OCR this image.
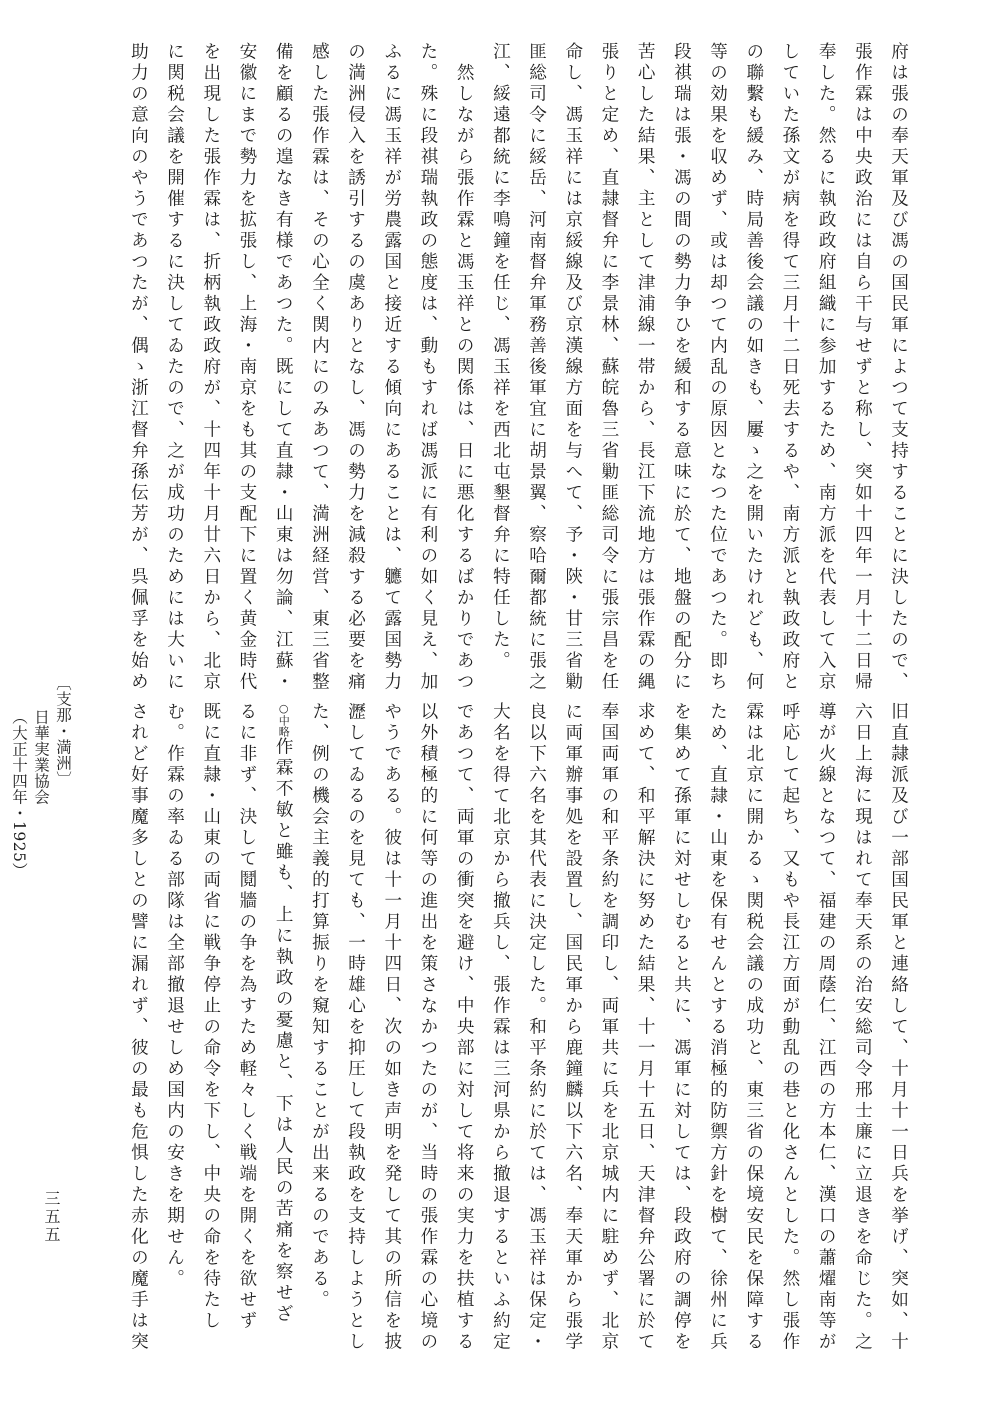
府は張の奉天軍及び馮の国民軍によつて支持することに決したので、
張作霖は中央政治には自ら干与せずと称し、突如十四年一月十二日帰
奉した。然るに執政政府組織に参加するため、南方派を代表して入京
していた孫文が病を得て三月十二日死去するや、南方派と執政政府と
の聯繫も緩み、時局善後会議の如きも、屢ゝ之を開いたけれども、何
等の効果を収めず、或は却つて内乱の原因となつた位であつた。即ち
段祺瑞は張・馮の間の勢力争ひを緩和する意味に於て、地盤の配分に
苦心した結果、主として津浦線一帯から、長江下流地方は張作霖の縄
張りと定め、直隷督弁に李景林、蘇皖魯三省勦匪総司令に張宗昌を任
命し、馮玉祥には京綏線及び京漢線方面を与へて、予・陝・甘三省勦
匪総司令に綏岳、河南督弁軍務善後軍宜に胡景翼、察哈爾都統に張之
江、綏遠都統に李鳴鐘を任じ、馮玉祥を西北屯墾督弁に特任した。
　然しながら張作霖と馮玉祥との関係は、日に悪化するばかりであつ
た。殊に段祺瑞執政の態度は、動もすれば馮派に有利の如く見え、加
ふるに馮玉祥が労農露国と接近する傾向にあることは、軈て露国勢力
の満洲侵入を誘引するの虞ありとなし、馮の勢力を減殺する必要を痛
感した張作霖は、その心全く関内にのみあつて、満洲経営、東三省整
備を顧るの遑なき有様であつた。既にして直隷・山東は勿論、江蘇・
安徽にまで勢力を拡張し、上海・南京をも其の支配下に置く黄金時代
を出現した張作霖は、折柄執政政府が、十四年十月廿六日から、北京
に関税会議を開催するに決してゐたので、之が成功のためには大いに
助力の意向のやうであつたが、偶ゝ浙江督弁孫伝芳が、呉佩孚を始め
旧直隷派及び一部国民軍と連絡して、十月十一日兵を挙げ、突如、十
六日上海に現はれて奉天系の治安総司令邢士廉に立退きを命じた。之
導が火線となつて、福建の周蔭仁、江西の方本仁、漢口の蕭燿南等が
呼応して起ち、又もや長江方面が動乱の巷と化さんとした。然し張作
霖は北京に開かるゝ関税会議の成功と、東三省の保境安民を保障する
ため、直隷・山東を保有せんとする消極的防禦方針を樹て、徐州に兵
を集めて孫軍に対せしむると共に、馮軍に対しては、段政府の調停を
求めて、和平解決に努めた結果、十一月十五日、天津督弁公署に於て
奉国両軍の和平条約を調印し、両軍共に兵を北京城内に駐めず、北京
に両軍辦事処を設置し、国民軍から鹿鐘麟以下六名、奉天軍から張学
良以下六名を其代表に決定した。和平条約に於ては、馮玉祥は保定・
大名を得て北京から撤兵し、張作霖は三河県から撤退するといふ約定
であつて、両軍の衝突を避け、中央部に対して将来の実力を扶植する
以外積極的に何等の進出を策さなかつたのが、当時の張作霖の心境の
やうである。彼は十一月十四日、次の如き声明を発して其の所信を披
瀝してゐるのを見ても、一時雄心を抑圧して段執政を支持しようとし
た、例の機会主義的打算振りを窺知することが出来るのである。
○中略作霖不敏と雖も、上に執政の憂慮と、下は人民の苦痛を察せざ
るに非ず、決して鬩牆の争を為すため軽々しく戦端を開くを欲せず
既に直隷・山東の両省に戦争停止の命令を下し、中央の命を待たし
む。作霖の率ゐる部隊は全部撤退せしめ国内の安きを期せん。
されど好事魔多しとの譬に漏れず、彼の最も危惧した赤化の魔手は突
〔支那・満洲〕
日華実業協会
（大正十四年・1925）
三五五
